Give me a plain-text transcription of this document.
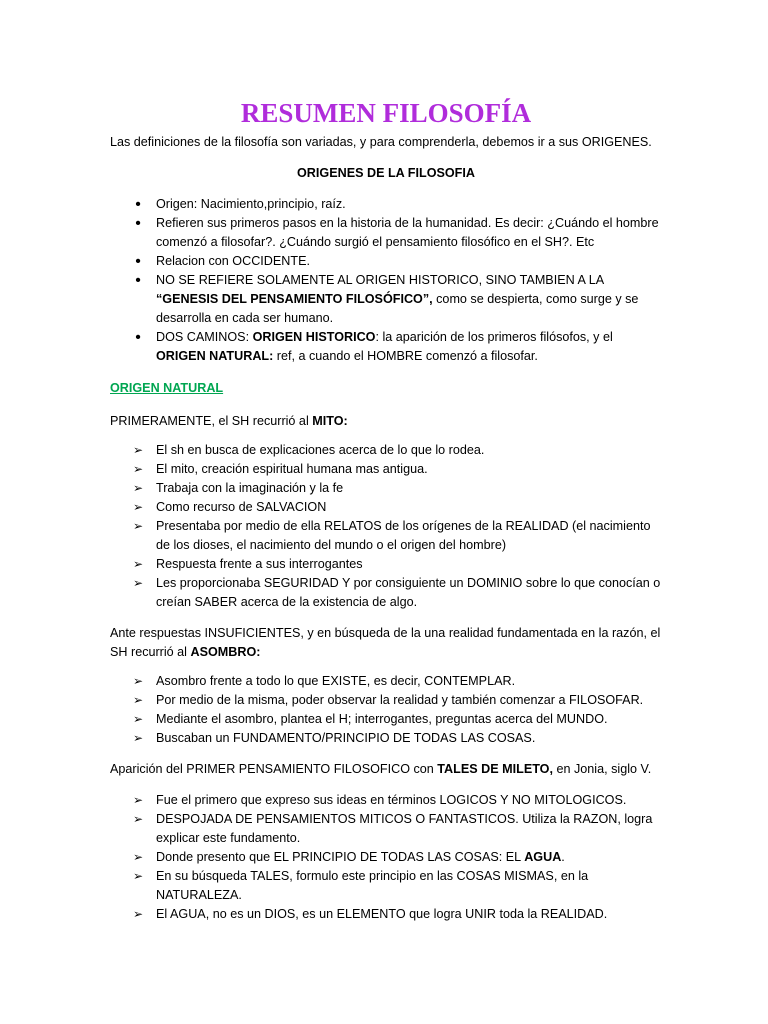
RESUMEN FILOSOFÍA

Las definiciones de la filosofía son variadas, y para comprenderla, debemos ir a sus ORIGENES.

ORIGENES DE LA FILOSOFIA

•	Origen: Nacimiento,principio, raíz.
•	Refieren sus primeros pasos en la historia de la humanidad. Es decir: ¿Cuándo el hombre comenzó a filosofar?. ¿Cuándo surgió el pensamiento filosófico en el SH?. Etc
•	Relacion con OCCIDENTE.
•	NO SE REFIERE SOLAMENTE AL ORIGEN HISTORICO, SINO TAMBIEN A LA “GENESIS DEL PENSAMIENTO FILOSÓFICO”, como se despierta, como surge y se desarrolla en cada ser humano.
•	DOS CAMINOS: ORIGEN HISTORICO: la aparición de los primeros filósofos, y el ORIGEN NATURAL: ref, a cuando el HOMBRE comenzó a filosofar.

ORIGEN NATURAL

PRIMERAMENTE, el SH recurrió al MITO:

➢ El sh en busca de explicaciones acerca de lo que lo rodea.
➢ El mito, creación espiritual humana mas antigua.
➢ Trabaja con la imaginación y la fe
➢ Como recurso de SALVACION
➢ Presentaba por medio de ella RELATOS de los orígenes de la REALIDAD (el nacimiento de los dioses, el nacimiento del mundo o el origen del hombre)
➢ Respuesta frente a sus interrogantes
➢ Les proporcionaba SEGURIDAD Y por consiguiente un DOMINIO sobre lo que conocían o creían SABER acerca de la existencia de algo.

Ante respuestas INSUFICIENTES, y en búsqueda de la una realidad fundamentada en la razón, el SH recurrió al ASOMBRO:

➢ Asombro frente a todo lo que EXISTE, es decir, CONTEMPLAR.
➢ Por medio de la misma, poder observar la realidad y también comenzar a FILOSOFAR.
➢ Mediante el asombro, plantea el H; interrogantes, preguntas acerca del MUNDO.
➢ Buscaban un FUNDAMENTO/PRINCIPIO DE TODAS LAS COSAS.

Aparición del PRIMER PENSAMIENTO FILOSOFICO con TALES DE MILETO, en Jonia, siglo V.

➢ Fue el primero que expreso sus ideas en términos LOGICOS Y NO MITOLOGICOS.
➢ DESPOJADA DE PENSAMIENTOS MITICOS O FANTASTICOS. Utiliza la RAZON, logra explicar este fundamento.
➢ Donde presento que EL PRINCIPIO DE TODAS LAS COSAS: EL AGUA.
➢ En su búsqueda TALES, formulo este principio en las COSAS MISMAS, en la NATURALEZA.
➢ El AGUA, no es un DIOS, es un ELEMENTO que logra UNIR toda la REALIDAD.
